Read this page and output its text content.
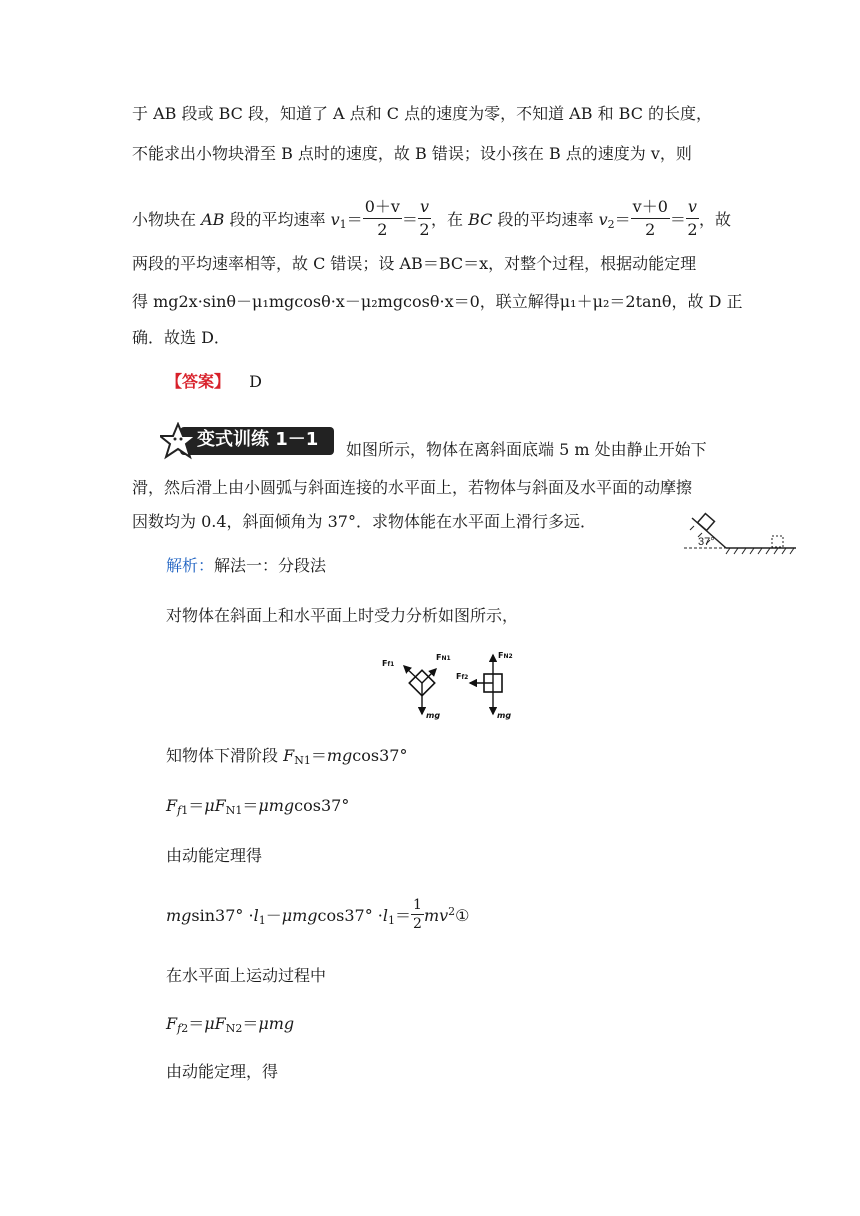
于 AB 段或 BC 段，知道了 A 点和 C 点的速度为零，不知道 AB 和 BC 的长度，
不能求出小物块滑至 B 点时的速度，故 B 错误；设小孩在 B 点的速度为 v，则
小物块在 AB 段的平均速率 $v_1= \frac{0+v}{2} = \frac{v}{2}$ ，在 BC 段的平均速率 $v_2= \frac{v+0}{2} = \frac{v}{2}$ ，故
两段的平均速率相等，故 C 错误；设 AB＝BC＝x，对整个过程，根据动能定理
得 mg2x·sinθ－μ₁mgcosθ·x－μ₂mgcosθ·x＝0，联立解得μ₁＋μ₂＝2tanθ，故 D 正
确．故选 D．
【答案】 D
变式训练 1－1 如图所示，物体在离斜面底端 5 m 处由静止开始下
滑，然后滑上由小圆弧与斜面连接的水平面上，若物体与斜面及水平面的动摩擦
因数均为 0.4，斜面倾角为 37°．求物体能在水平面上滑行多远．
37°
解析：解法一：分段法
对物体在斜面上和水平面上时受力分析如图所示，
Ff1
FN1	FN2
Ff2
mg	mg
知物体下滑阶段 $F_{N1}=mgcos37^\circ$
$F_{f1}=\mu F_{N1}=\mu mgcos37^\circ$
由动能定理得
$mgsin37^\circ \cdot l_1-\mu mgcos37^\circ \cdot l_1= \frac{1}{2}$ $mv^2①$
在水平面上运动过程中
$F_{f2}=\mu F_{N2}=\mu mg$
由动能定理，得
